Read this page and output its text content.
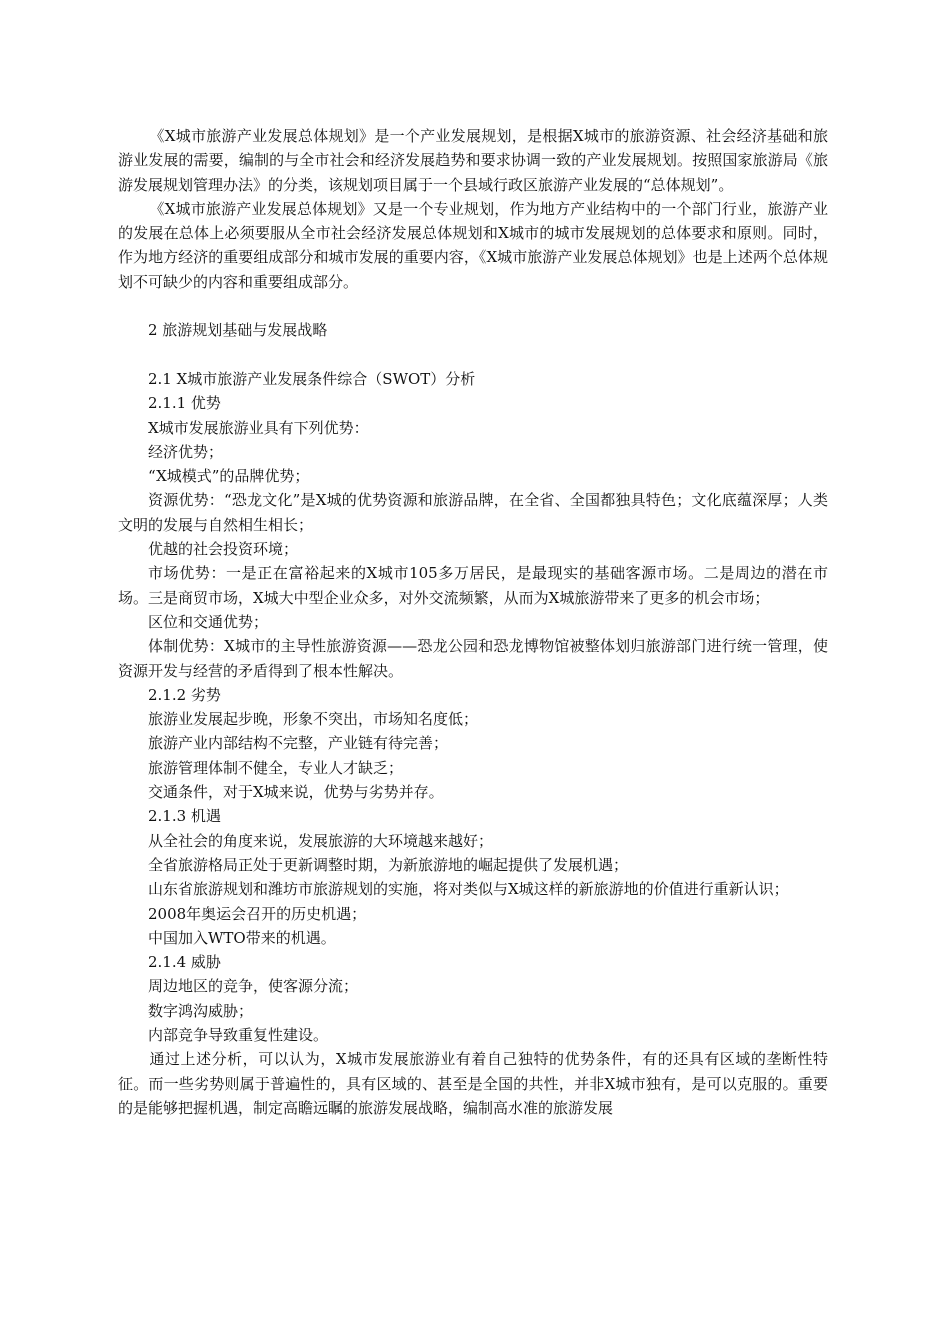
《X城市旅游产业发展总体规划》是一个产业发展规划，是根据X城市的旅游资源、社会经济基础和旅游业发展的需要，编制的与全市社会和经济发展趋势和要求协调一致的产业发展规划。按照国家旅游局《旅游发展规划管理办法》的分类，该规划项目属于一个县域行政区旅游产业发展的“总体规划”。

《X城市旅游产业发展总体规划》又是一个专业规划，作为地方产业结构中的一个部门行业，旅游产业的发展在总体上必须要服从全市社会经济发展总体规划和X城市的城市发展规划的总体要求和原则。同时，作为地方经济的重要组成部分和城市发展的重要内容，《X城市旅游产业发展总体规划》也是上述两个总体规划不可缺少的内容和重要组成部分。

2 旅游规划基础与发展战略

2.1 X城市旅游产业发展条件综合（SWOT）分析

2.1.1 优势

X城市发展旅游业具有下列优势：

经济优势；

“X城模式”的品牌优势；

资源优势：“恐龙文化”是X城的优势资源和旅游品牌，在全省、全国都独具特色；文化底蕴深厚；人类文明的发展与自然相生相长；

优越的社会投资环境；

市场优势：一是正在富裕起来的X城市105多万居民，是最现实的基础客源市场。二是周边的潜在市场。三是商贸市场，X城大中型企业众多，对外交流频繁，从而为X城旅游带来了更多的机会市场；

区位和交通优势；

体制优势：X城市的主导性旅游资源——恐龙公园和恐龙博物馆被整体划归旅游部门进行统一管理，使资源开发与经营的矛盾得到了根本性解决。

2.1.2 劣势

旅游业发展起步晚，形象不突出，市场知名度低；

旅游产业内部结构不完整，产业链有待完善；

旅游管理体制不健全，专业人才缺乏；

交通条件，对于X城来说，优势与劣势并存。

2.1.3 机遇

从全社会的角度来说，发展旅游的大环境越来越好；

全省旅游格局正处于更新调整时期，为新旅游地的崛起提供了发展机遇；

山东省旅游规划和潍坊市旅游规划的实施，将对类似与X城这样的新旅游地的价值进行重新认识；

2008年奥运会召开的历史机遇；

中国加入WTO带来的机遇。

2.1.4 威胁

周边地区的竞争，使客源分流；

数字鸿沟威胁；

内部竞争导致重复性建设。

通过上述分析，可以认为，X城市发展旅游业有着自己独特的优势条件，有的还具有区域的垄断性特征。而一些劣势则属于普遍性的，具有区域的、甚至是全国的共性，并非X城市独有，是可以克服的。重要的是能够把握机遇，制定高瞻远瞩的旅游发展战略，编制高水准的旅游发展
